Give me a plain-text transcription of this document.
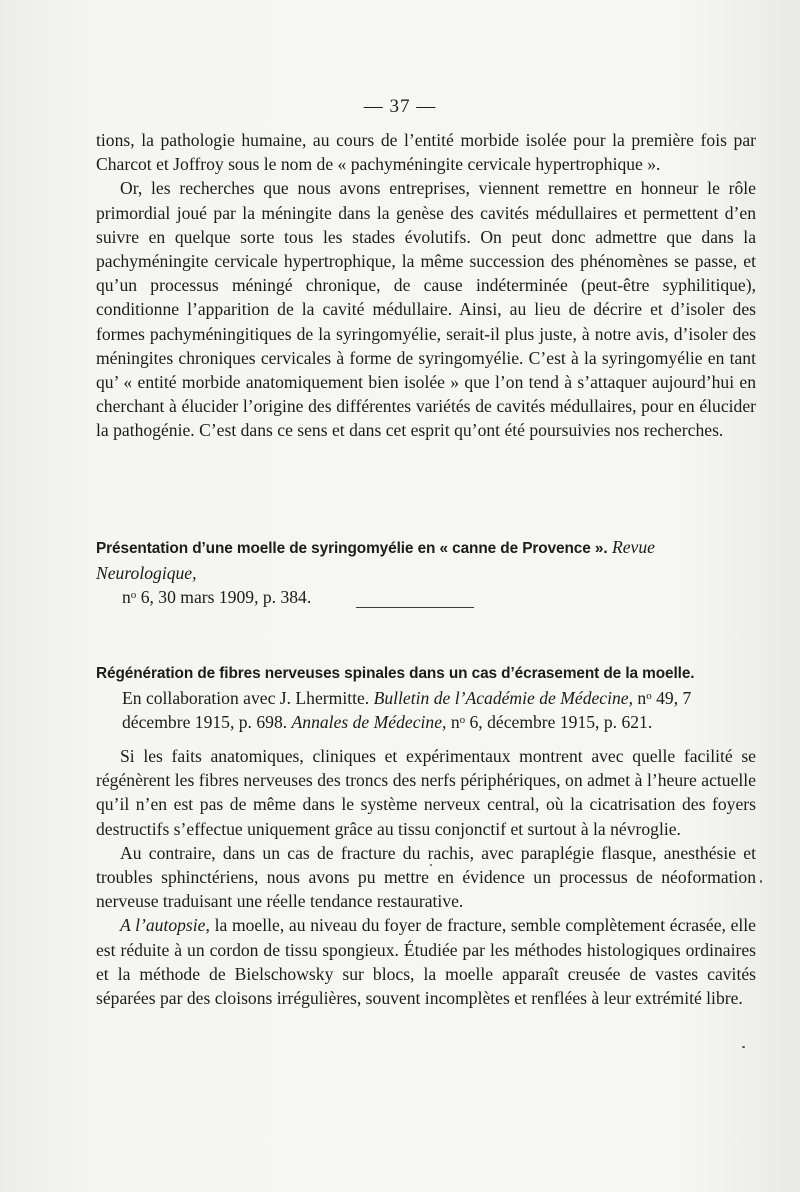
— 37 —

tions, la pathologie humaine, au cours de l’entité morbide isolée pour la première fois par Charcot et Joffroy sous le nom de « pachyméningite cervicale hypertrophique ».

Or, les recherches que nous avons entreprises, viennent remettre en honneur le rôle primordial joué par la méningite dans la genèse des cavités médullaires et permettent d’en suivre en quelque sorte tous les stades évolutifs. On peut donc admettre que dans la pachyméningite cervicale hypertrophique, la même succession des phénomènes se passe, et qu’un processus méningé chronique, de cause indéterminée (peut-être syphilitique), conditionne l’apparition de la cavité médullaire. Ainsi, au lieu de décrire et d’isoler des formes pachyméningitiques de la syringomyélie, serait-il plus juste, à notre avis, d’isoler des méningites chroniques cervicales à forme de syringomyélie. C’est à la syringomyélie en tant qu’ « entité morbide anatomiquement bien isolée » que l’on tend à s’attaquer aujourd’hui en cherchant à élucider l’origine des différentes variétés de cavités médullaires, pour en élucider la pathogénie. C’est dans ce sens et dans cet esprit qu’ont été poursuivies nos recherches.

Présentation d’une moelle de syringomyélie en « canne de Provence ». Revue Neurologique,
$n^o$ 6, 30 mars 1909, p. 384.
Régénération de fibres nerveuses spinales dans un cas d’écrasement de la moelle.
En collaboration avec J. Lhermitte. Bulletin de l’Académie de Médecine, $n^o$ 49, 7 décembre 1915, p. 698. Annales de Médecine, $n^o$ 6, décembre 1915, p. 621.

Si les faits anatomiques, cliniques et expérimentaux montrent avec quelle facilité se régénèrent les fibres nerveuses des troncs des nerfs périphériques, on admet à l’heure actuelle qu’il n’en est pas de même dans le système nerveux central, où la cicatrisation des foyers destructifs s’effectue uniquement grâce au tissu conjonctif et surtout à la névroglie.

Au contraire, dans un cas de fracture du rachis, avec paraplégie flasque, anesthésie et troubles sphinctériens, nous avons pu mettre en évidence un processus de néoformation nerveuse traduisant une réelle tendance restaurative.

A l’autopsie, la moelle, au niveau du foyer de fracture, semble complètement écrasée, elle est réduite à un cordon de tissu spongieux. Étudiée par les méthodes histologiques ordinaires et la méthode de Bielschowsky sur blocs, la moelle apparaît creusée de vastes cavités séparées par des cloisons irrégulières, souvent incomplètes et renflées à leur extrémité libre.
